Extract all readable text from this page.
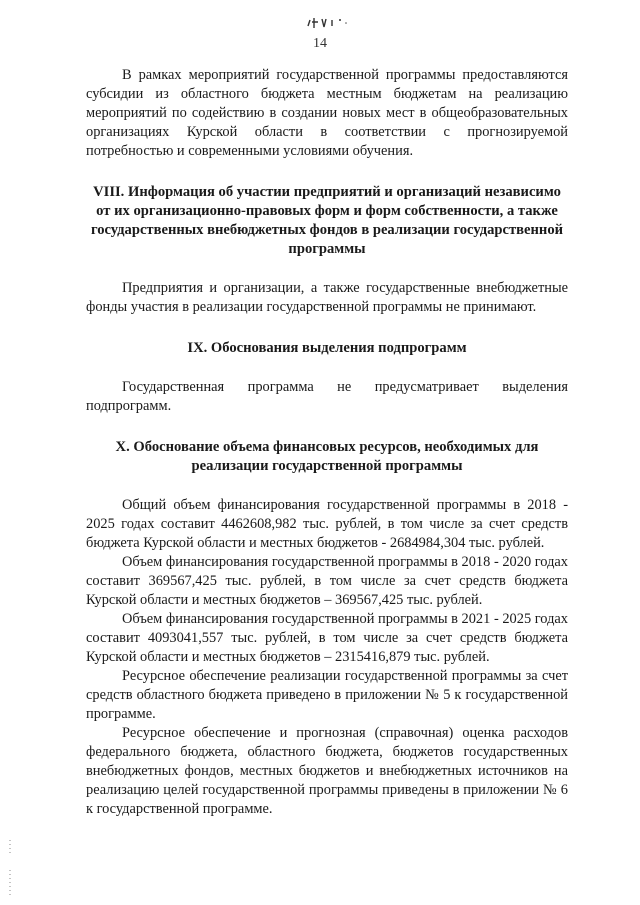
14

В рамках мероприятий государственной программы предоставляются субсидии из областного бюджета местным бюджетам на реализацию мероприятий по содействию в создании новых мест в общеобразовательных организациях Курской области в соответствии с прогнозируемой потребностью и современными условиями обучения.

VIII. Информация об участии предприятий и организаций независимо от их организационно-правовых форм и форм собственности, а также государственных внебюджетных фондов в реализации государственной программы

Предприятия и организации, а также государственные внебюджетные фонды участия в реализации государственной программы не принимают.

IX. Обоснования выделения подпрограмм

Государственная программа не предусматривает выделения подпрограмм.

X. Обоснование объема финансовых ресурсов, необходимых для реализации государственной программы

Общий объем финансирования государственной программы в 2018 - 2025 годах составит 4462608,982 тыс. рублей, в том числе за счет средств бюджета Курской области и местных бюджетов - 2684984,304 тыс. рублей.

Объем финансирования государственной программы в 2018 - 2020 годах составит 369567,425 тыс. рублей, в том числе за счет средств бюджета Курской области и местных бюджетов – 369567,425 тыс. рублей.

Объем финансирования государственной программы в 2021 - 2025 годах составит 4093041,557 тыс. рублей, в том числе за счет средств бюджета Курской области и местных бюджетов – 2315416,879 тыс. рублей.

Ресурсное обеспечение реализации государственной программы за счет средств областного бюджета приведено в приложении № 5 к государственной программе.

Ресурсное обеспечение и прогнозная (справочная) оценка расходов федерального бюджета, областного бюджета, бюджетов государственных внебюджетных фондов, местных бюджетов и внебюджетных источников на реализацию целей государственной программы приведены в приложении № 6 к государственной программе.
